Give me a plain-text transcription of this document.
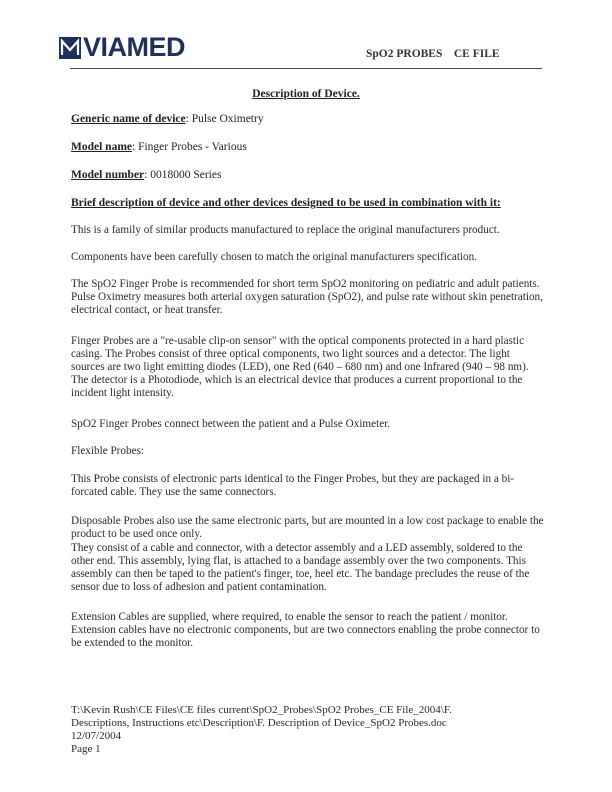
VIAMED	SpO2 PROBES    CE FILE
Description of Device.
Generic name of device: Pulse Oximetry
Model name: Finger Probes - Various
Model number: 0018000 Series
Brief description of device and other devices designed to be used in combination with it:
This is a family of similar products manufactured to replace the original manufacturers product.
Components have been carefully chosen to match the original manufacturers specification.
The SpO2 Finger Probe is recommended for short term SpO2 monitoring on pediatric and adult patients. Pulse Oximetry measures both arterial oxygen saturation (SpO2), and pulse rate without skin penetration, electrical contact, or heat transfer.
Finger Probes are a "re-usable clip-on sensor" with the optical components protected in a hard plastic casing. The Probes consist of three optical components, two light sources and a detector. The light sources are two light emitting diodes (LED), one Red (640 – 680 nm) and one Infrared (940 – 98 nm). The detector is a Photodiode, which is an electrical device that produces a current proportional to the incident light intensity.
SpO2 Finger Probes connect between the patient and a Pulse Oximeter.
Flexible Probes:
This Probe consists of electronic parts identical to the Finger Probes, but they are packaged in a bi-forcated cable. They use the same connectors.
Disposable Probes also use the same electronic parts, but are mounted in a low cost package to enable the product to be used once only.
They consist of a cable and connector, with a detector assembly and a LED assembly, soldered to the other end. This assembly, lying flat, is attached to a bandage assembly over the two components. This assembly can then be taped to the patient's finger, toe, heel etc. The bandage precludes the reuse of the sensor due to loss of adhesion and patient contamination.
Extension Cables are supplied, where required, to enable the sensor to reach the patient / monitor. Extension cables have no electronic components, but are two connectors enabling the probe connector to be extended to the monitor.
T:\Kevin Rush\CE Files\CE files current\SpO2_Probes\SpO2 Probes_CE File_2004\F.
Descriptions, Instructions etc\Description\F. Description of Device_SpO2 Probes.doc
12/07/2004
Page 1
